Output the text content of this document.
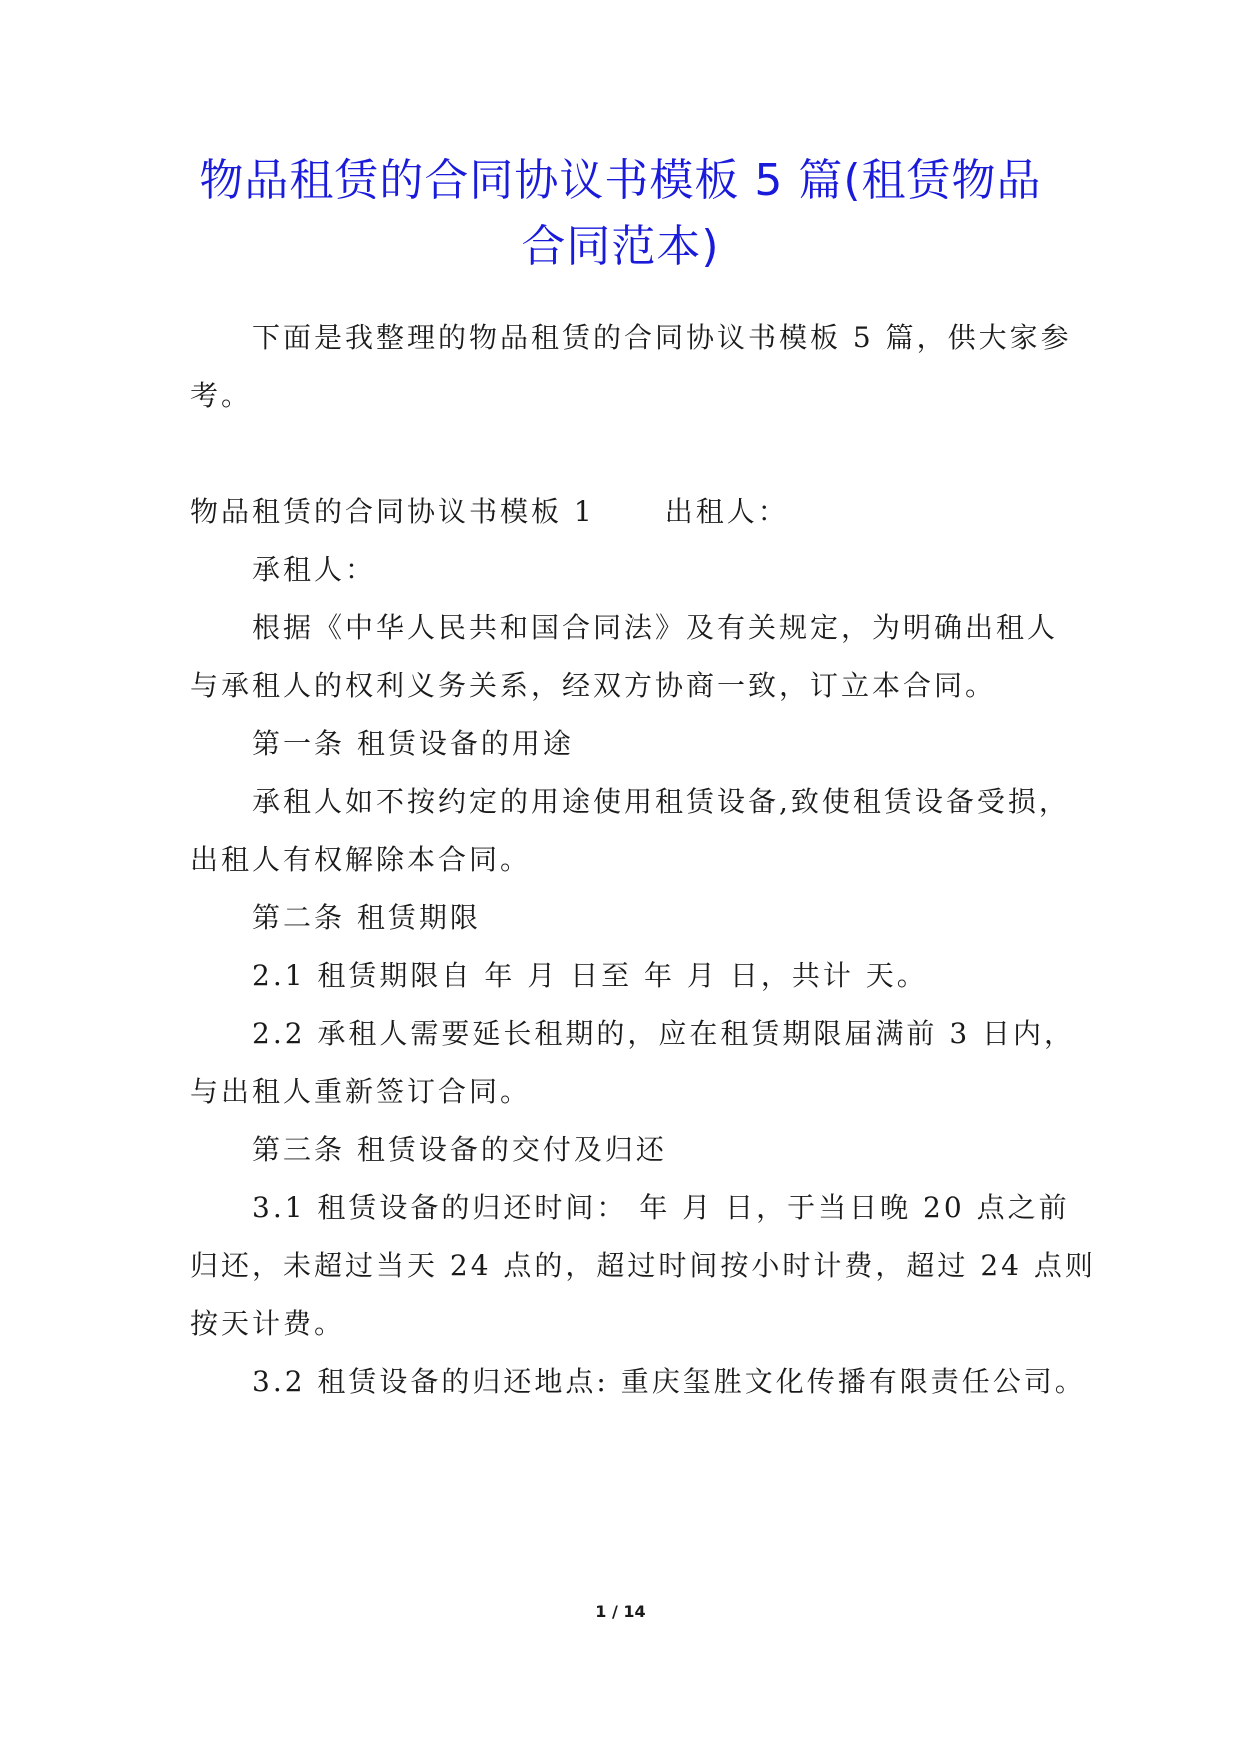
物品租赁的合同协议书模板 5 篇(租赁物品
合同范本)
下面是我整理的物品租赁的合同协议书模板 5 篇，供大家参
考。
物品租赁的合同协议书模板 1	出租人：
承租人：
根据《中华人民共和国合同法》及有关规定，为明确出租人
与承租人的权利义务关系，经双方协商一致，订立本合同。
第一条 租赁设备的用途
承租人如不按约定的用途使用租赁设备,致使租赁设备受损，
出租人有权解除本合同。
第二条 租赁期限
2.1 租赁期限自 年 月 日至 年 月 日，共计 天。
2.2 承租人需要延长租期的，应在租赁期限届满前 3 日内，
与出租人重新签订合同。
第三条 租赁设备的交付及归还
3.1 租赁设备的归还时间： 年 月 日，于当日晚 20 点之前
归还，未超过当天 24 点的，超过时间按小时计费，超过 24 点则
按天计费。
3.2 租赁设备的归还地点: 重庆玺胜文化传播有限责任公司。
1 / 14
